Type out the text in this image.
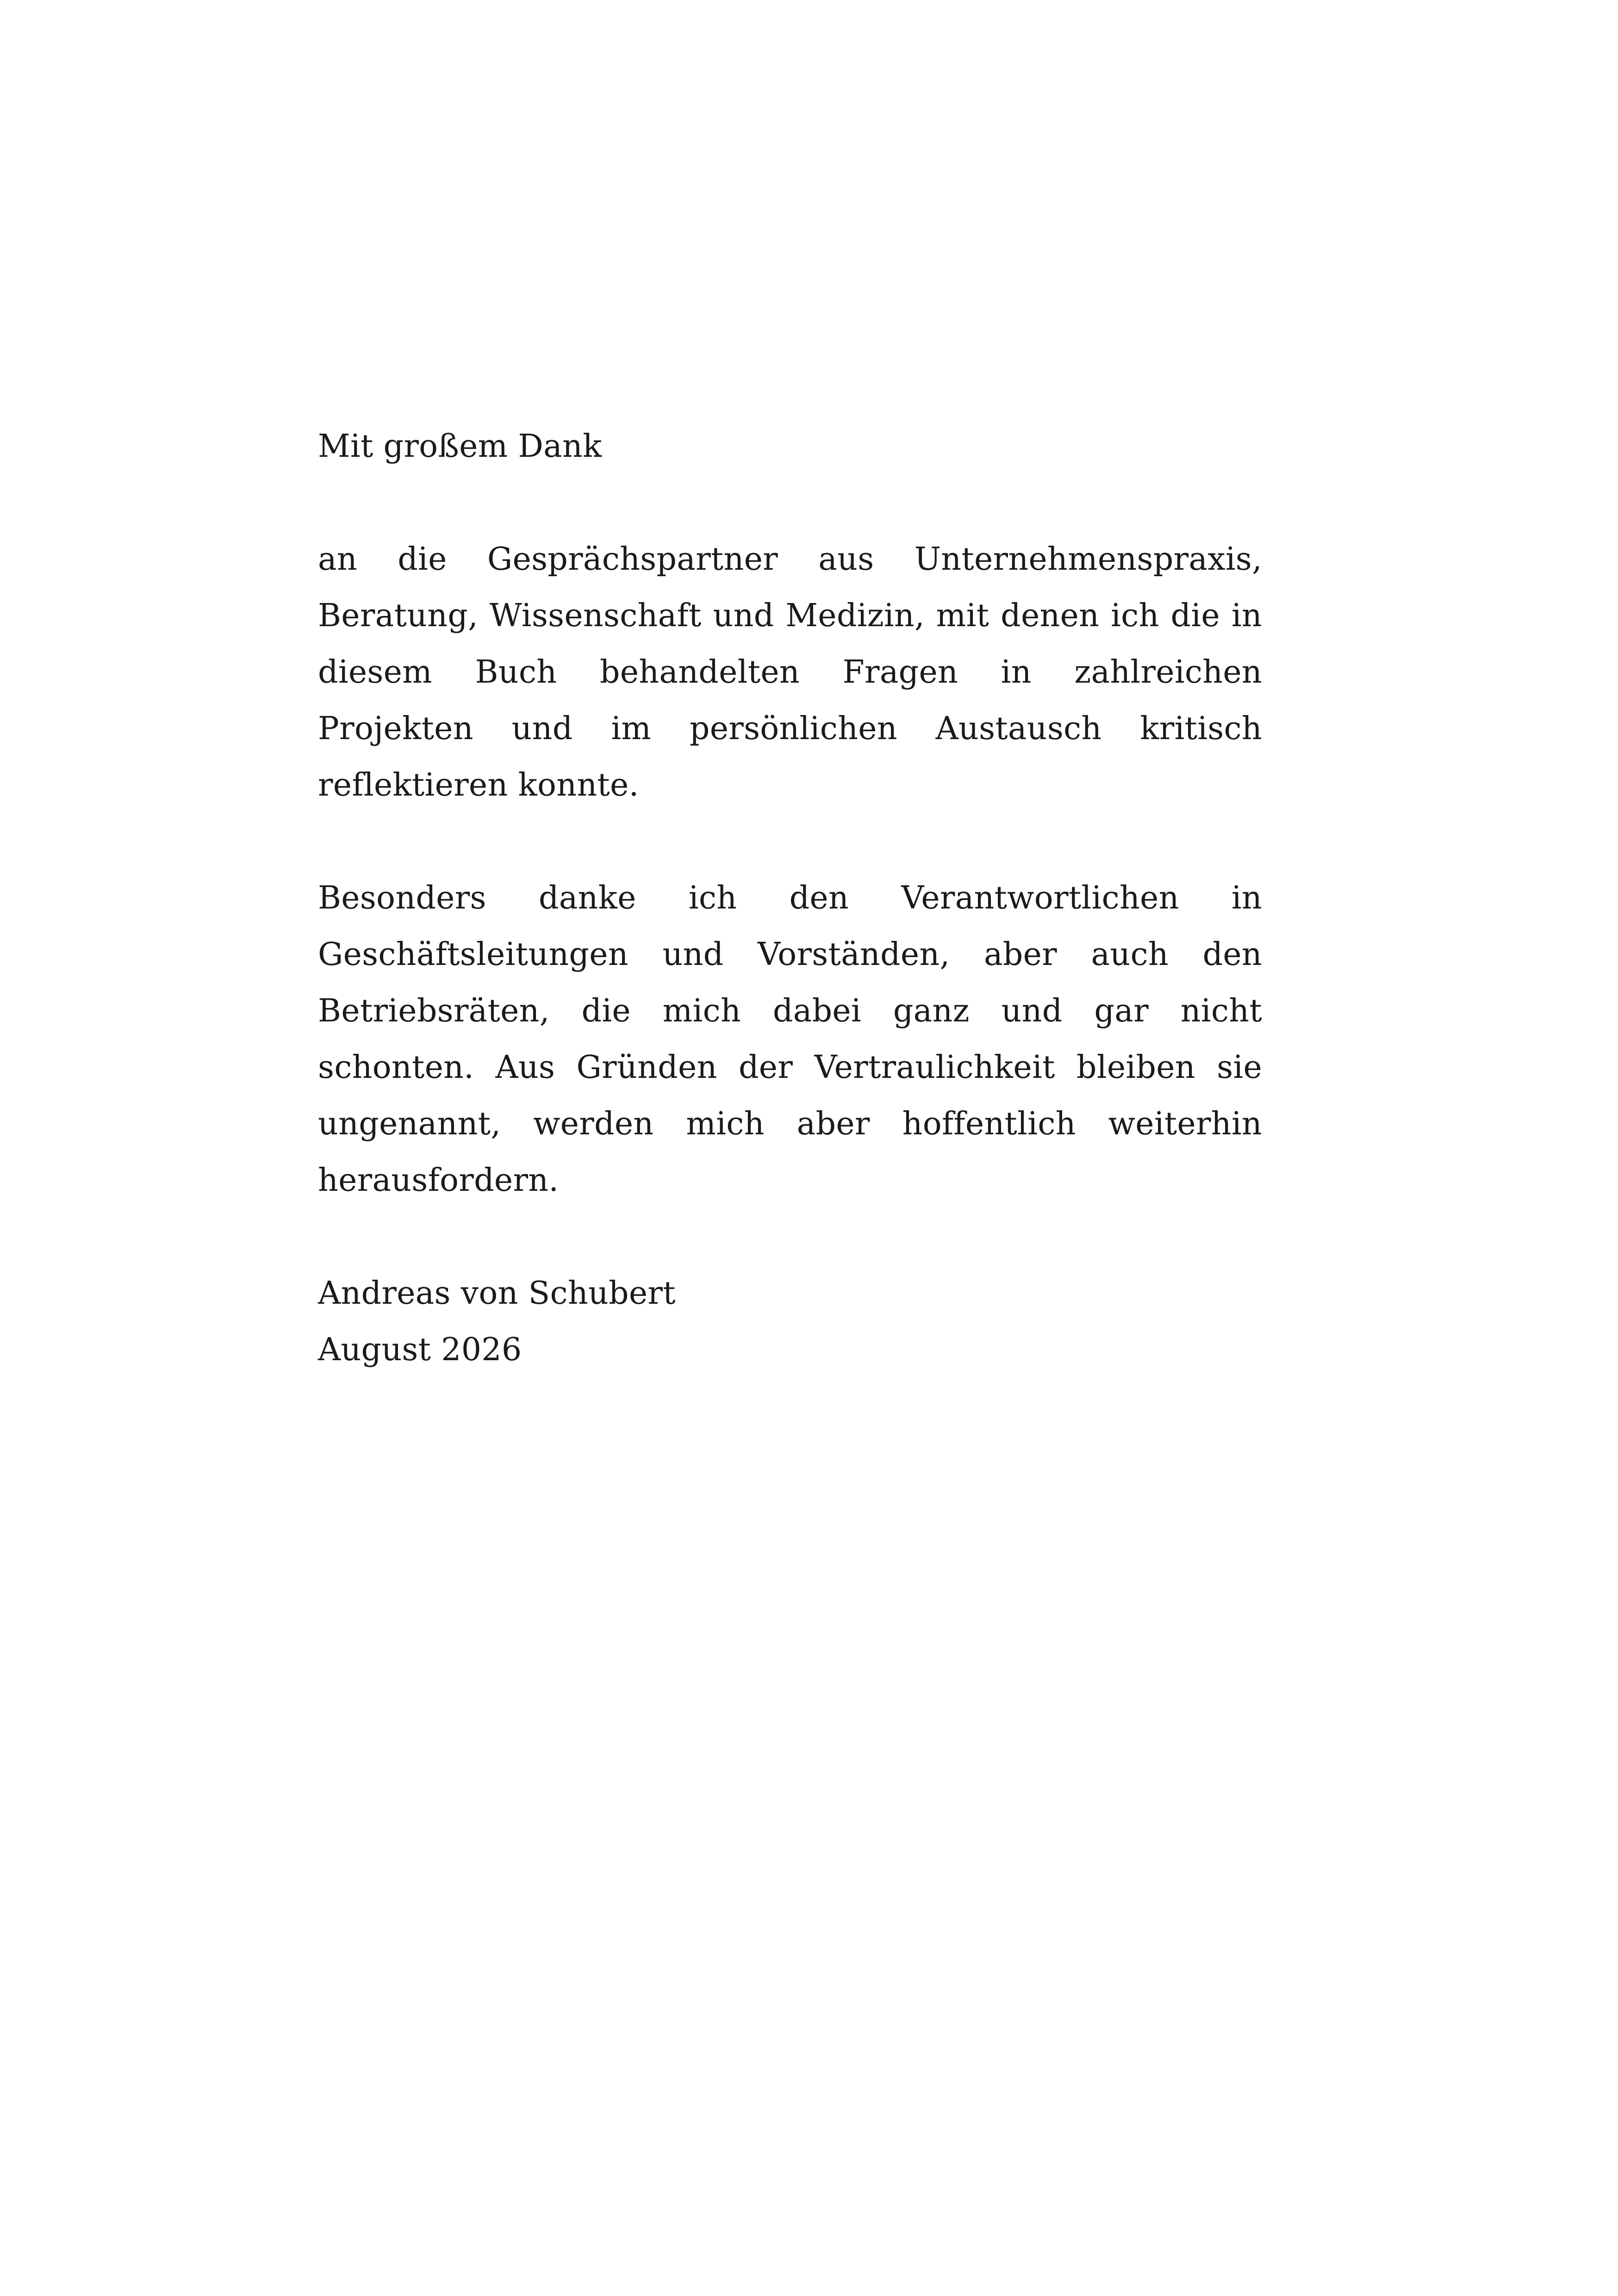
Mit großem Dank

an die Gesprächspartner aus Unternehmenspraxis, Beratung, Wissenschaft und Medizin, mit denen ich die in diesem Buch behandelten Fragen in zahlreichen Projekten und im persönlichen Austausch kritisch reflektieren konnte.

Besonders danke ich den Verantwortlichen in Geschäftsleitungen und Vorständen, aber auch den Betriebsräten, die mich dabei ganz und gar nicht schonten. Aus Gründen der Vertraulichkeit bleiben sie ungenannt, werden mich aber hoffentlich weiterhin herausfordern.

Andreas von Schubert

August 2026
